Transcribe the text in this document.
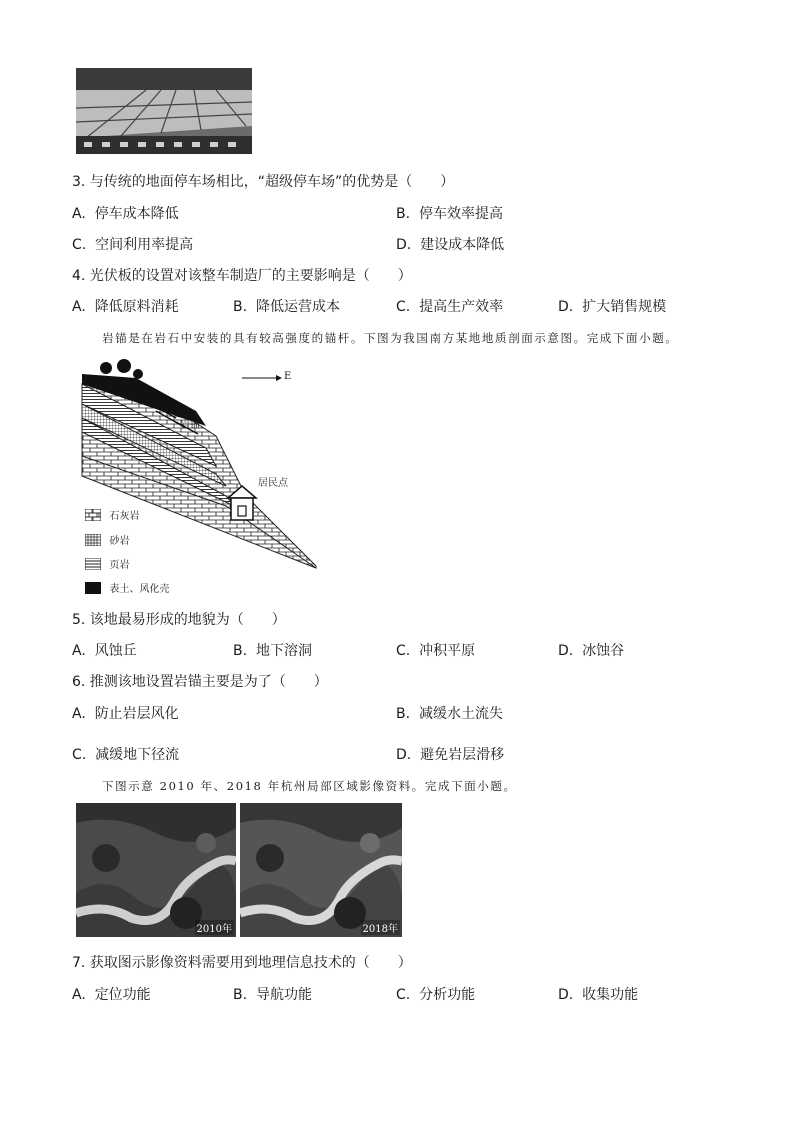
3. 与传统的地面停车场相比，“超级停车场”的优势是（　　）
A. 停车成本降低	B. 停车效率提高
C. 空间利用率提高	D. 建设成本降低
4. 光伏板的设置对该整车制造厂的主要影响是（　　）
A. 降低原料消耗	B. 降低运营成本	C. 提高生产效率	D. 扩大销售规模
岩锚是在岩石中安装的具有较高强度的锚杆。下图为我国南方某地地质剖面示意图。完成下面小题。
E
岩锚
居民点
石灰岩
砂岩
页岩
表土、风化壳
5. 该地最易形成的地貌为（　　）
A. 风蚀丘	B. 地下溶洞	C. 冲积平原	D. 冰蚀谷
6. 推测该地设置岩锚主要是为了（　　）
A. 防止岩层风化	B. 减缓水土流失
C. 减缓地下径流	D. 避免岩层滑移
下图示意 2010 年、2018 年杭州局部区域影像资料。完成下面小题。
2010年	2018年
7. 获取图示影像资料需要用到地理信息技术的（　　）
A. 定位功能	B. 导航功能	C. 分析功能	D. 收集功能
